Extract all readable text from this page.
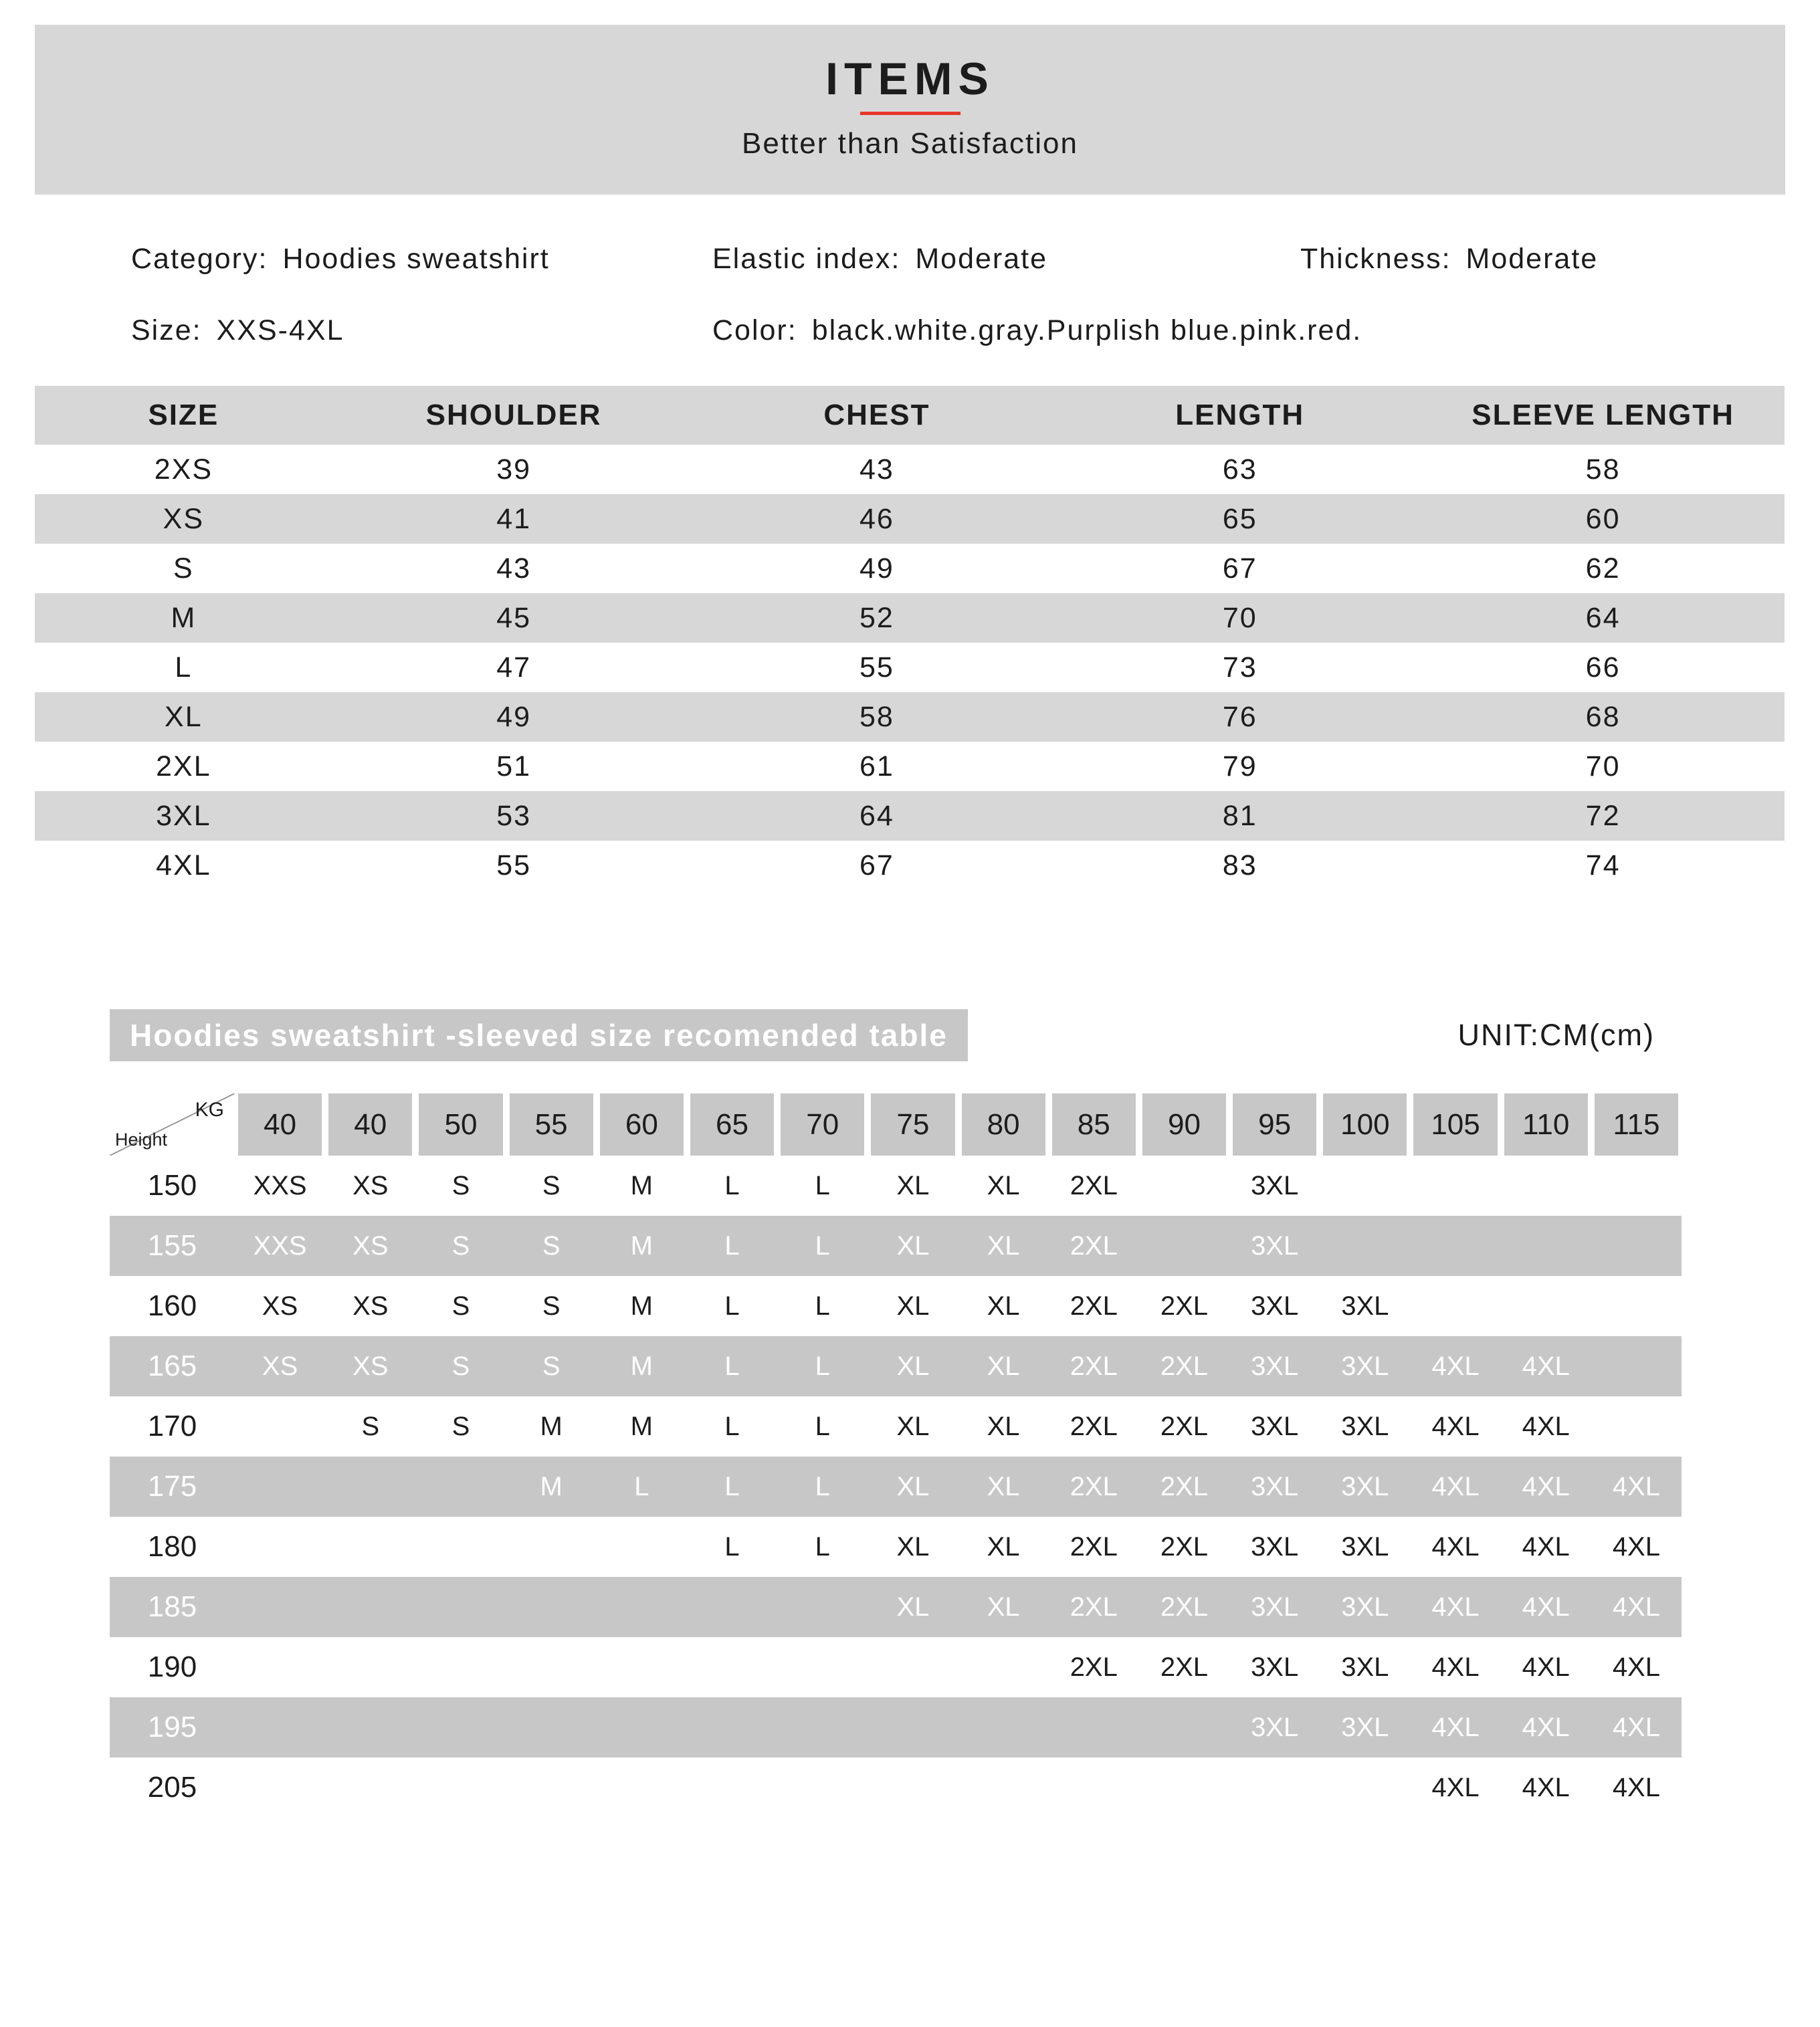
ITEMS

Better than Satisfaction

Category: Hoodies sweatshirt	Elastic index: Moderate	Thickness: Moderate
Size: XXS-4XL	Color: black.white.gray.Purplish blue.pink.red.
SIZE	SHOULDER	CHEST	LENGTH	SLEEVE LENGTH
2XS	39	43	63	58
XS	41	46	65	60
S	43	49	67	62
M	45	52	70	64
L	47	55	73	66
XL	49	58	76	68
2XL	51	61	79	70
3XL	53	64	81	72
4XL	55	67	83	74
Hoodies sweatshirt -sleeved size recomended table	UNIT:CM(cm)
KG
Height	40	40	50	55	60	65	70	75	80	85	90	95	100	105	110	115

150	XXS	XS	S	S	M	L	L	XL	XL	2XL		3XL				
155	XXS	XS	S	S	M	L	L	XL	XL	2XL		3XL				
160	XS	XS	S	S	M	L	L	XL	XL	2XL	2XL	3XL	3XL			
165	XS	XS	S	S	M	L	L	XL	XL	2XL	2XL	3XL	3XL	4XL	4XL	
170		S	S	M	M	L	L	XL	XL	2XL	2XL	3XL	3XL	4XL	4XL	
175				M	L	L	L	XL	XL	2XL	2XL	3XL	3XL	4XL	4XL	4XL
180						L	L	XL	XL	2XL	2XL	3XL	3XL	4XL	4XL	4XL
185								XL	XL	2XL	2XL	3XL	3XL	4XL	4XL	4XL
190										2XL	2XL	3XL	3XL	4XL	4XL	4XL
195												3XL	3XL	4XL	4XL	4XL
205														4XL	4XL	4XL
